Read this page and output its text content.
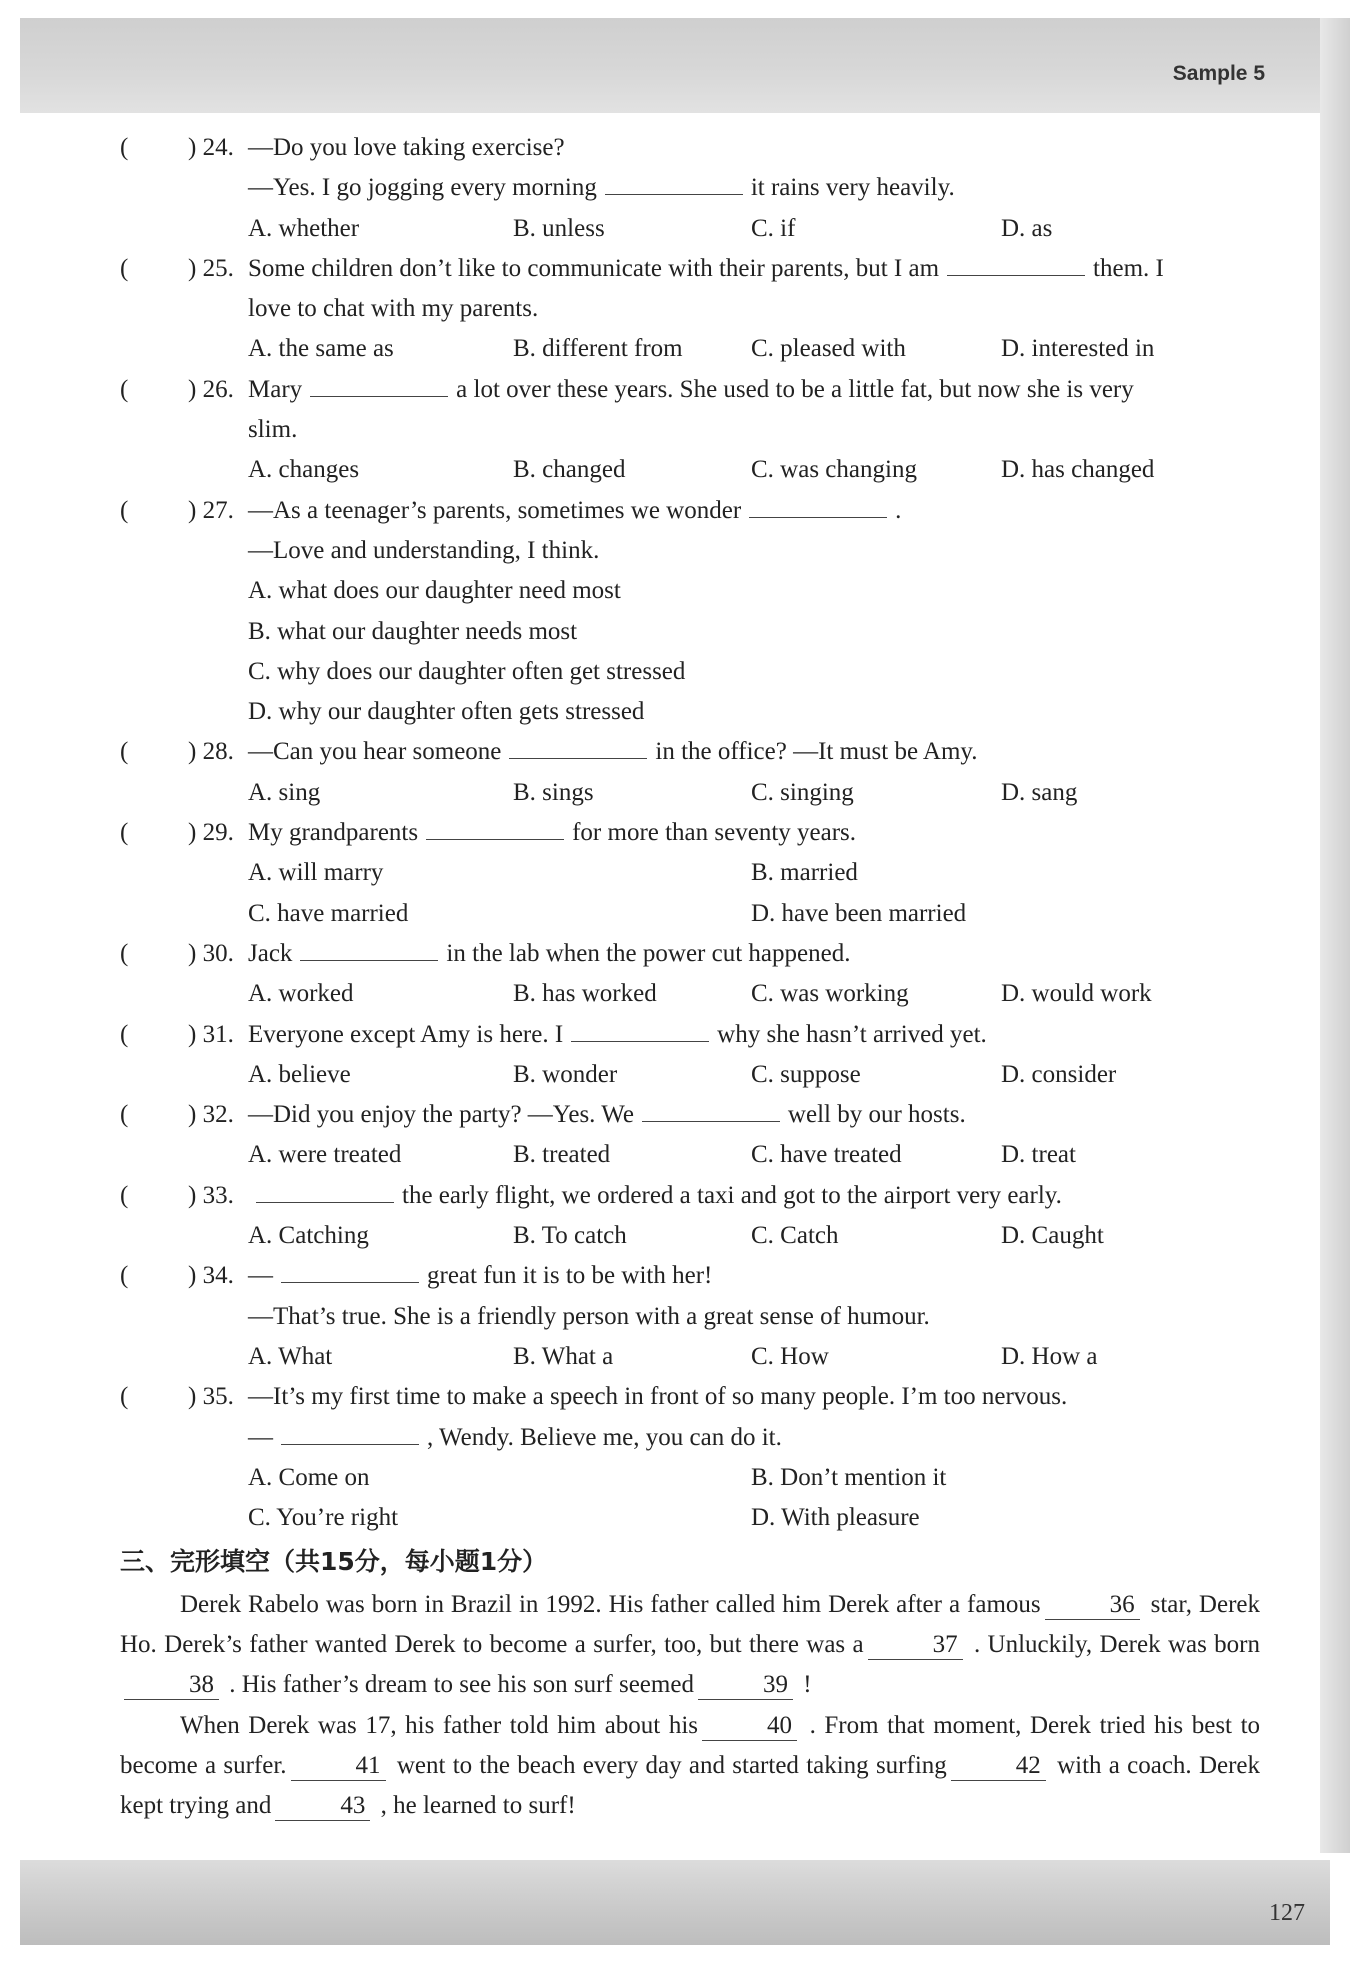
Sample 5
127
(	) 24. —Do you love taking exercise?
—Yes. I go jogging every morning	it rains very heavily.
A. whether	B. unless	C. if	D. as
(	) 25. Some children don’t like to communicate with their parents, but I am	them. I
love to chat with my parents.
A. the same as	B. different from	C. pleased with	D. interested in
(	) 26. Mary	a lot over these years. She used to be a little fat, but now she is very
slim.
A. changes	B. changed	C. was changing	D. has changed
(	) 27. —As a teenager’s parents, sometimes we wonder	.
—Love and understanding, I think.
A. what does our daughter need most
B. what our daughter needs most
C. why does our daughter often get stressed
D. why our daughter often gets stressed
(	) 28. —Can you hear someone	in the office? —It must be Amy.
A. sing	B. sings	C. singing	D. sang
(	) 29. My grandparents	for more than seventy years.
A. will marry	B. married
C. have married	D. have been married
(	) 30. Jack	in the lab when the power cut happened.
A. worked	B. has worked	C. was working	D. would work
(	) 31. Everyone except Amy is here. I	why she hasn’t arrived yet.
A. believe	B. wonder	C. suppose	D. consider
(	) 32. —Did you enjoy the party? —Yes. We	well by our hosts.
A. were treated	B. treated	C. have treated	D. treat
(	) 33.	the early flight, we ordered a taxi and got to the airport very early.
A. Catching	B. To catch	C. Catch	D. Caught
(	) 34. —	great fun it is to be with her!
—That’s true. She is a friendly person with a great sense of humour.
A. What	B. What a	C. How	D. How a
(	) 35. —It’s my first time to make a speech in front of so many people. I’m too nervous.
—	, Wendy. Believe me, you can do it.
A. Come on	B. Don’t mention it
C. You’re right	D. With pleasure
三、完形填空（共15分，每小题1分）
Derek Rabelo was born in Brazil in 1992. His father called him Derek after a famous	36 star, Derek Ho. Derek’s father wanted Derek to become a surfer, too, but there was a	37 . Unluckily, Derek was born38 . His father’s dream to see his son surf seemed	39 !
When Derek was 17, his father told him about his	40 . From that moment, Derek tried his best to become a surfer.	41 went to the beach every day and started taking surfing	42 with a coach. Derek kept trying and	43 , he learned to surf!
